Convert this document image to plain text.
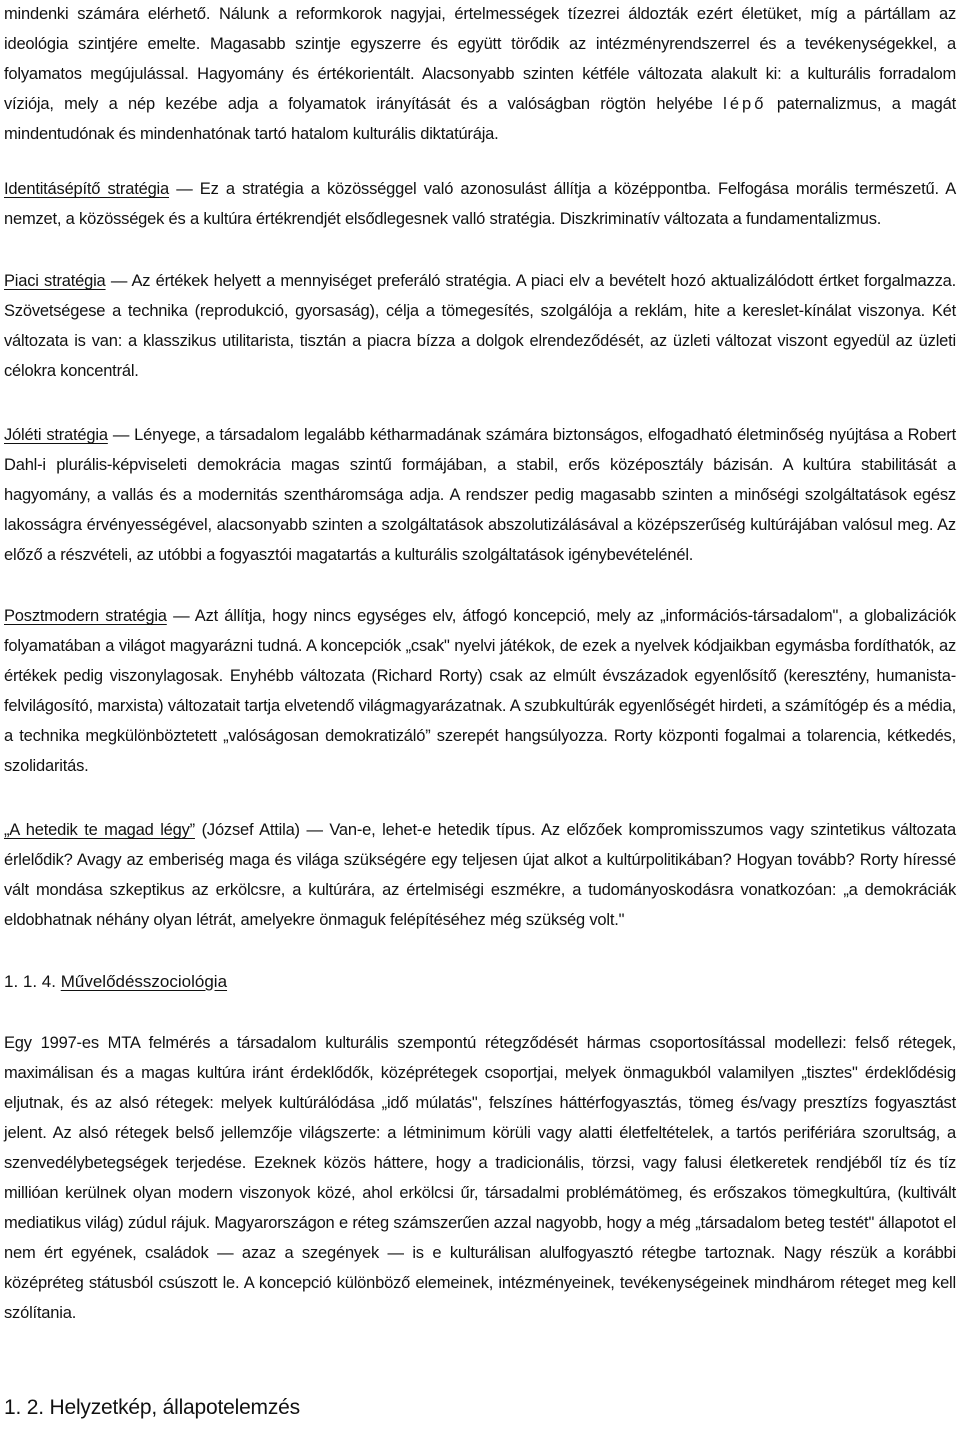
mindenki számára elérhető. Nálunk a reformkorok nagyjai, értelmességek tízezrei áldozták ezért életüket, míg a pártállam az ideológia szintjére emelte. Magasabb szintje egyszerre és együtt törődik az intézményrendszerrel és a tevékenységekkel, a folyamatos megújulással. Hagyomány és értékorientált. Alacsonyabb szinten kétféle változata alakult ki: a kulturális forradalom víziója, mely a nép kezébe adja a folyamatok irányítását és a valóságban rögtön helyébe lépő paternalizmus, a magát mindentudónak és mindenhatónak tartó hatalom kulturális diktatúrája.
Identitásépítő stratégia — Ez a stratégia a közösséggel való azonosulást állítja a középpontba. Felfogása morális természetű. A nemzet, a közösségek és a kultúra értékrendjét elsődlegesnek valló stratégia. Diszkriminatív változata a fundamentalizmus.
Piaci stratégia — Az értékek helyett a mennyiséget preferáló stratégia. A piaci elv a bevételt hozó aktualizálódott értket forgalmazza. Szövetségese a technika (reprodukció, gyorsaság), célja a tömegesítés, szolgálója a reklám, hite a kereslet-kínálat viszonya. Két változata is van: a klasszikus utilitarista, tisztán a piacra bízza a dolgok elrendeződését, az üzleti változat viszont egyedül az üzleti célokra koncentrál.
Jóléti stratégia — Lényege, a társadalom legalább kétharmadának számára biztonságos, elfogadható életminőség nyújtása a Robert Dahl-i plurális-képviseleti demokrácia magas szintű formájában, a stabil, erős középosztály bázisán. A kultúra stabilitását a hagyomány, a vallás és a modernitás szentháromsága adja. A rendszer pedig magasabb szinten a minőségi szolgáltatások egész lakosságra érvényességével, alacsonyabb szinten a szolgáltatások abszolutizálásával a középszerűség kultúrájában valósul meg. Az előző a részvételi, az utóbbi a fogyasztói magatartás a kulturális szolgáltatások igénybevételénél.
Posztmodern stratégia — Azt állítja, hogy nincs egységes elv, átfogó koncepció, mely az „információs-társadalom", a globalizációk folyamatában a világot magyarázni tudná. A koncepciók „csak" nyelvi játékok, de ezek a nyelvek kódjaikban egymásba fordíthatók, az értékek pedig viszonylagosak. Enyhébb változata (Richard Rorty) csak az elmúlt évszázadok egyenlősítő (keresztény, humanista-felvilágosító, marxista) változatait tartja elvetendő világmagyarázatnak. A szubkultúrák egyenlőségét hirdeti, a számítógép és a média, a technika megkülönböztetett „valóságosan demokratizáló” szerepét hangsúlyozza. Rorty központi fogalmai a tolarencia, kétkedés, szolidaritás.
„A hetedik te magad légy” (József Attila) — Van-e, lehet-e hetedik típus. Az előzőek kompromisszumos vagy szintetikus változata érlelődik? Avagy az emberiség maga és világa szükségére egy teljesen újat alkot a kultúrpolitikában? Hogyan tovább? Rorty híressé vált mondása szkeptikus az erkölcsre, a kultúrára, az értelmiségi eszmékre, a tudományoskodásra vonatkozóan: „a demokráciák eldobhatnak néhány olyan létrát, amelyekre önmaguk felépítéséhez még szükség volt."
1. 1. 4. Művelődésszociológia
Egy 1997-es MTA felmérés a társadalom kulturális szempontú rétegződését hármas csoportosítással modellezi: felső rétegek, maximálisan és a magas kultúra iránt érdeklődők, középrétegek csoportjai, melyek önmagukból valamilyen „tisztes" érdeklődésig eljutnak, és az alsó rétegek: melyek kultúrálódása „idő múlatás", felszínes háttérfogyasztás, tömeg és/vagy presztízs fogyasztást jelent. Az alsó rétegek belső jellemzője világszerte: a létminimum körüli vagy alatti életfeltételek, a tartós perifériára szorultság, a szenvedélybetegségek terjedése. Ezeknek közös háttere, hogy a tradicionális, törzsi, vagy falusi életkeretek rendjéből tíz és tíz millióan kerülnek olyan modern viszonyok közé, ahol erkölcsi űr, társadalmi problémátömeg, és erőszakos tömegkultúra, (kultivált mediatikus világ) zúdul rájuk. Magyarországon e réteg számszerűen azzal nagyobb, hogy a még „társadalom beteg testét" állapotot el nem ért egyének, családok — azaz a szegények — is e kulturálisan alulfogyasztó rétegbe tartoznak. Nagy részük a korábbi középréteg státusból csúszott le. A koncepció különböző elemeinek, intézményeinek, tevékenységeinek mindhárom réteget meg kell szólítania.
1. 2. Helyzetkép, állapotelemzés
